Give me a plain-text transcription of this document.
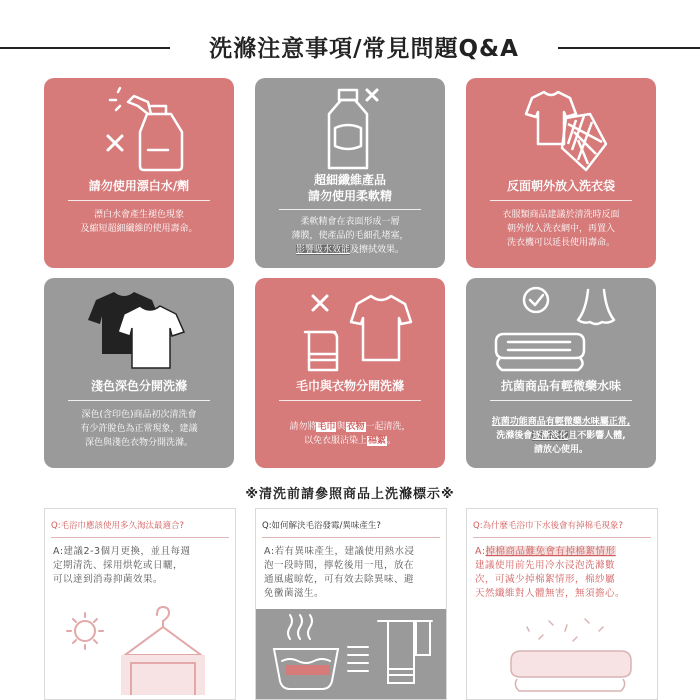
洗滌注意事項/常見問題Q&A
請勿使用漂白水/劑
漂白水會產生褪色現象
及縮短超細纖維的使用壽命。
超細纖維產品
請勿使用柔軟精
柔軟精會在表面形成一層
薄膜，使產品的毛細孔堵塞，
影響吸水效能及擦拭效果。
反面朝外放入洗衣袋
衣服類商品建議於清洗時反面
朝外放入洗衣網中，再置入
洗衣機可以延長使用壽命。
淺色深色分開洗滌
深色(含印色)商品初次清洗會
有少許脫色為正常現象，建議
深色與淺色衣物分開洗滌。
毛巾與衣物分開洗滌
請勿將毛巾與衣物一起清洗，
以免衣服沾染上棉絮。
抗菌商品有輕微藥水味
抗菌功能商品有輕微藥水味屬正常,
洗滌後會逐漸淡化且不影響人體,
請放心使用。
※清洗前請參照商品上洗滌標示※
Q:毛浴巾應該使用多久淘汰最適合?
A:建議2-3個月更換，並且每週
定期清洗、採用烘乾或日曬，
可以達到消毒抑菌效果。
Q:如何解決毛浴發霉/異味產生?
A:若有異味產生，建議使用熱水浸
泡一段時間，擰乾後用一甩，放在
通風處晾乾，可有效去除異味、避
免黴菌滋生。
Q:為什麼毛浴巾下水後會有掉棉毛現象?
A:掉棉商品難免會有掉棉絮情形
建議使用前先用冷水浸泡洗滌數
次，可減少掉棉絮情形，棉紗屬
天然纖維對人體無害，無須擔心。
